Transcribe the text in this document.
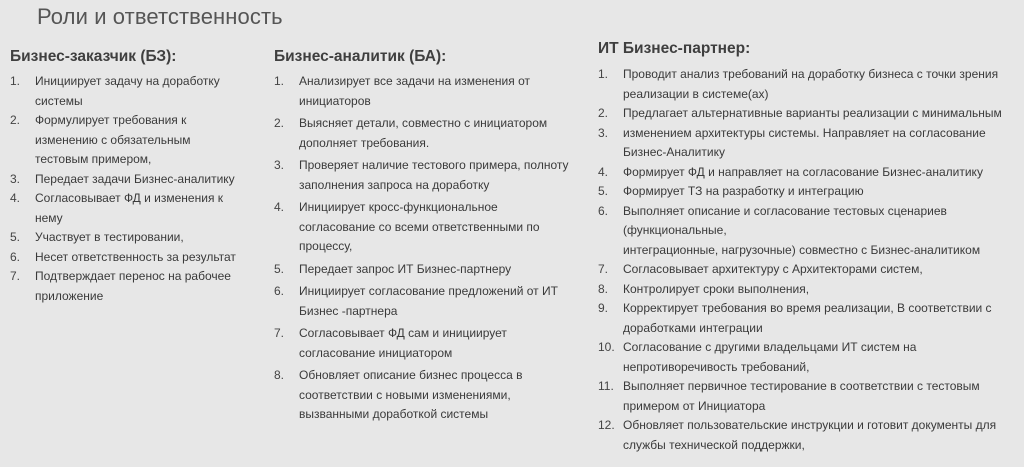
Роли и ответственность
Бизнес-заказчик (БЗ):
1.	Инициирует задачу на доработку
системы
2.	Формулирует требования к
изменению с обязательным
тестовым примером,
3.	Передает задачи Бизнес-аналитику
4.	Согласовывает ФД и изменения к
нему
5.	Участвует в тестировании,
6.	Несет ответственность за результат
7.	Подтверждает перенос на рабочее
приложение
Бизнес-аналитик (БА):
1.	Анализирует все задачи на изменения от
инициаторов
2.	Выясняет детали, совместно с инициатором
дополняет требования.
3.	Проверяет наличие тестового примера, полноту
заполнения запроса на доработку
4.	Инициирует кросс-функциональное
согласование со всеми ответственными по
процессу,
5.	Передает запрос ИТ Бизнес-партнеру
6.	Инициирует согласование предложений от ИТ
Бизнес -партнера
7.	Согласовывает ФД сам и инициирует
согласование инициатором
8.	Обновляет описание бизнес процесса в
соответствии с новыми изменениями,
вызванными доработкой системы
ИТ Бизнес-партнер:
1.	Проводит анализ требований на доработку бизнеса с точки зрения
реализации в системе(ах)
2.	Предлагает альтернативные варианты реализации с минимальным
3.	изменением архитектуры системы. Направляет на согласование
Бизнес-Аналитику
4.	Формирует ФД и направляет на согласование Бизнес-аналитику
5.	Формирует ТЗ на разработку и интеграцию
6.	Выполняет описание и согласование тестовых сценариев
(функциональные,
интеграционные, нагрузочные) совместно с Бизнес-аналитиком
7.	Согласовывает архитектуру с Архитекторами систем,
8.	Контролирует сроки выполнения,
9.	Корректирует требования во время реализации, В соответствии с
доработками интеграции
10. Согласование с другими владельцами ИТ систем на
непротиворечивость требований,
11. Выполняет первичное тестирование в соответствии с тестовым
примером от Инициатора
12. Обновляет пользовательские инструкции и готовит документы для
службы технической поддержки,
